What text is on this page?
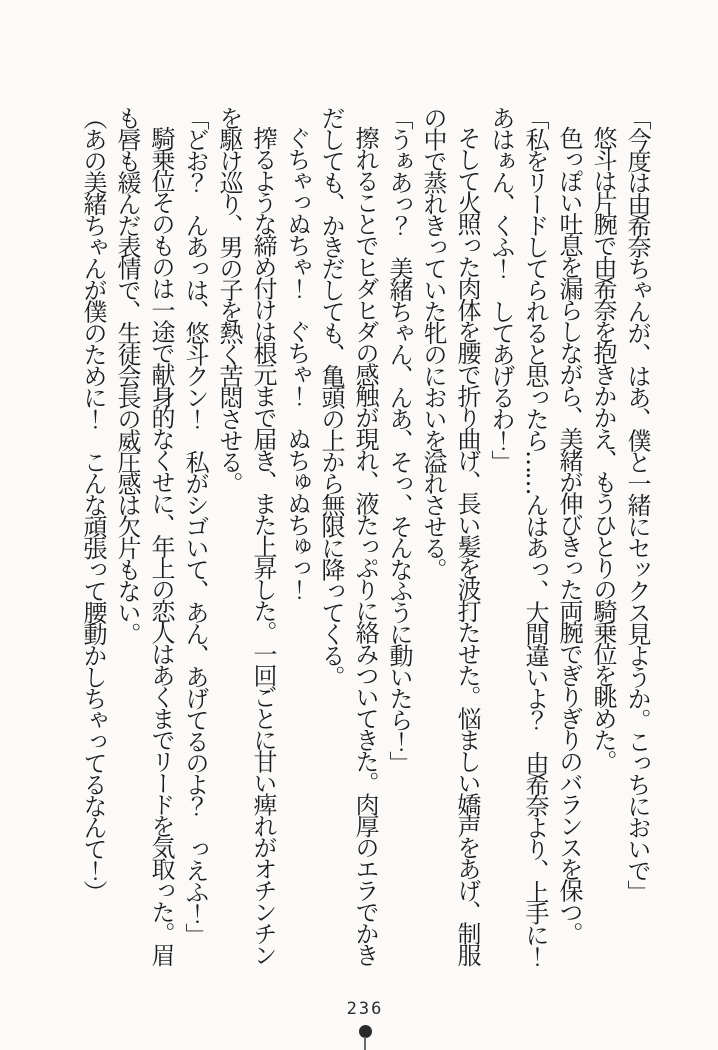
「今度は由希奈ちゃんが、はあ、僕と一緒にセックス見ようか。こっちにおいで」

悠斗は片腕で由希奈を抱きかかえ、もうひとりの騎乗位を眺めた。

色っぽい吐息を漏らしながら、美緒が伸びきった両腕でぎりぎりのバランスを保つ。

「私をリードしてられると思ったら……んはあっ、大間違いよ？　由希奈より、上手に！

あはぁん、くふ！　してあげるわ！」

そして火照った肉体を腰で折り曲げ、長い髪を波打たせた。悩ましい嬌声をあげ、制服

の中で蒸れきっていた牝のにおいを溢れさせる。

「うぁあっ？　美緒ちゃん、んあ、そっ、そんなふうに動いたら！」

擦れることでヒダヒダの感触が現れ、液たっぷりに絡みついてきた。肉厚のエラでかき

だしても、かきだしても、亀頭の上から無限に降ってくる。

ぐちゃっぬちゃ！　ぐちゃ！　ぬちゅぬちゅっ！

搾るような締め付けは根元まで届き、また上昇した。一回ごとに甘い痺れがオチンチン

を駆け巡り、男の子を熱く苦悶させる。

「どお？　んあっは、悠斗クン！　私がシゴいて、あん、あげてるのよ？　っえふ！」

騎乗位そのものは一途で献身的なくせに、年上の恋人はあくまでリードを気取った。眉

も唇も緩んだ表情で、生徒会長の威圧感は欠片もない。

（あの美緒ちゃんが僕のために！　こんな頑張って腰動かしちゃってるなんて！）

236
